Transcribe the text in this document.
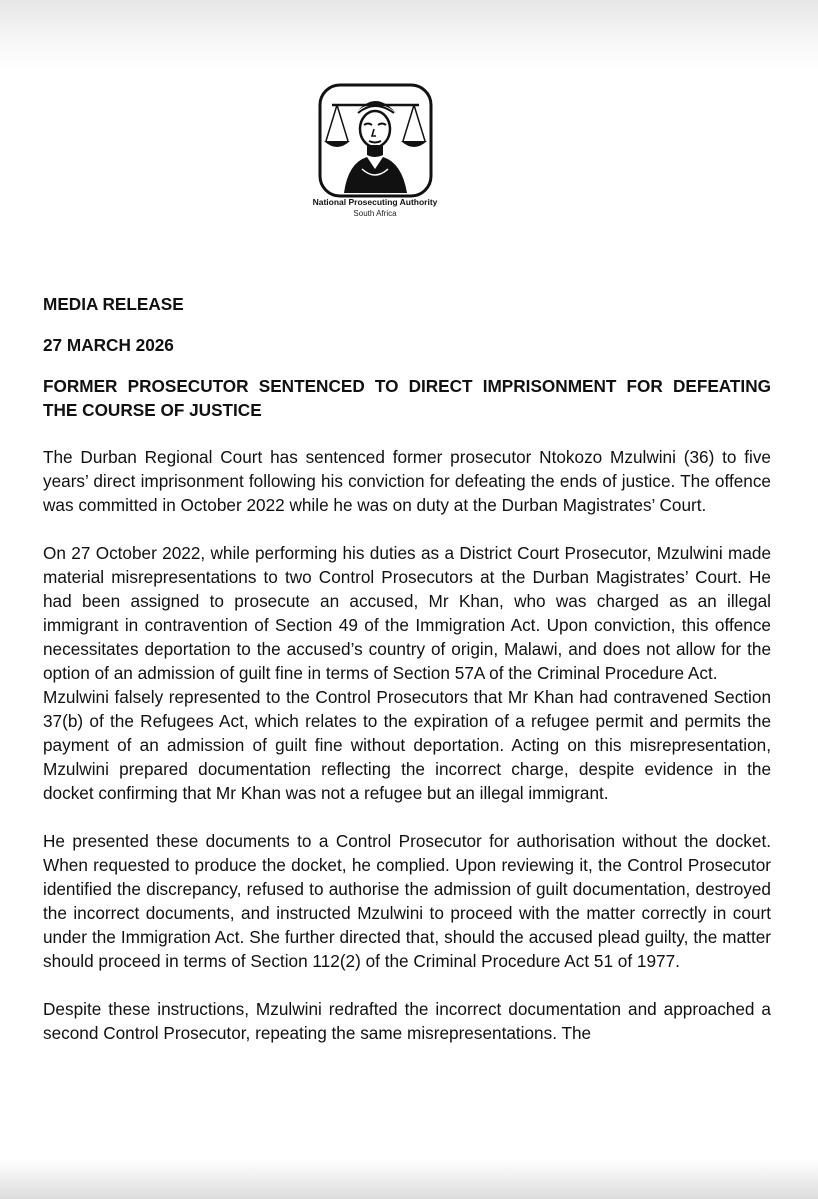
National Prosecuting Authority
South Africa

MEDIA RELEASE

27 MARCH 2026

FORMER PROSECUTOR SENTENCED TO DIRECT IMPRISONMENT FOR DEFEATING THE COURSE OF JUSTICE

The Durban Regional Court has sentenced former prosecutor Ntokozo Mzulwini (36) to five years’ direct imprisonment following his conviction for defeating the ends of justice. The offence was committed in October 2022 while he was on duty at the Durban Magistrates’ Court.

On 27 October 2022, while performing his duties as a District Court Prosecutor, Mzulwini made material misrepresentations to two Control Prosecutors at the Durban Magistrates’ Court. He had been assigned to prosecute an accused, Mr Khan, who was charged as an illegal immigrant in contravention of Section 49 of the Immigration Act. Upon conviction, this offence necessitates deportation to the accused’s country of origin, Malawi, and does not allow for the option of an admission of guilt fine in terms of Section 57A of the Criminal Procedure Act.

Mzulwini falsely represented to the Control Prosecutors that Mr Khan had contravened Section 37(b) of the Refugees Act, which relates to the expiration of a refugee permit and permits the payment of an admission of guilt fine without deportation. Acting on this misrepresentation, Mzulwini prepared documentation reflecting the incorrect charge, despite evidence in the docket confirming that Mr Khan was not a refugee but an illegal immigrant.

He presented these documents to a Control Prosecutor for authorisation without the docket. When requested to produce the docket, he complied. Upon reviewing it, the Control Prosecutor identified the discrepancy, refused to authorise the admission of guilt documentation, destroyed the incorrect documents, and instructed Mzulwini to proceed with the matter correctly in court under the Immigration Act. She further directed that, should the accused plead guilty, the matter should proceed in terms of Section 112(2) of the Criminal Procedure Act 51 of 1977.

Despite these instructions, Mzulwini redrafted the incorrect documentation and approached a second Control Prosecutor, repeating the same misrepresentations. The
